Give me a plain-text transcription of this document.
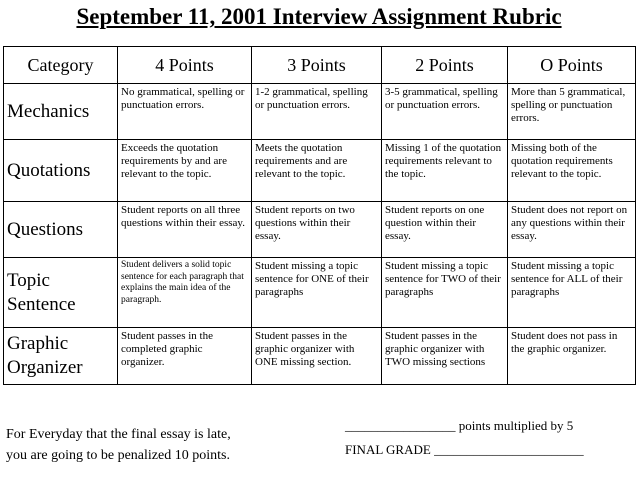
September 11, 2001 Interview Assignment Rubric
Category	4 Points	3 Points	2 Points	O Points
Mechanics	No grammatical, spelling or punctuation errors.	1-2 grammatical, spelling or punctuation errors.	3-5 grammatical, spelling or punctuation errors.	More than 5 grammatical, spelling or punctuation errors.
Quotations	Exceeds the quotation requirements by and are relevant to the topic.	Meets the quotation requirements and are relevant to the topic.	Missing 1 of the quotation requirements relevant to the topic.	Missing both of the quotation requirements relevant to the topic.
Questions	Student reports on all three questions within their essay.	Student reports on two questions within their essay.	Student reports on one question within their essay.	Student does not report on any questions within their essay.
Topic Sentence	Student delivers a solid topic sentence for each paragraph that explains the main idea of the paragraph.	Student missing a topic sentence for ONE of their paragraphs	Student missing a topic sentence for TWO of their paragraphs	Student missing a topic sentence for ALL of their paragraphs
Graphic Organizer	Student passes in the completed graphic organizer.	Student passes in the graphic organizer with ONE missing section.	Student passes in the graphic organizer with TWO missing sections	Student does not pass in the graphic organizer.
For Everyday that the final essay is late,
you are going to be penalized 10 points.
_________________ points multiplied by 5
FINAL GRADE _______________________
